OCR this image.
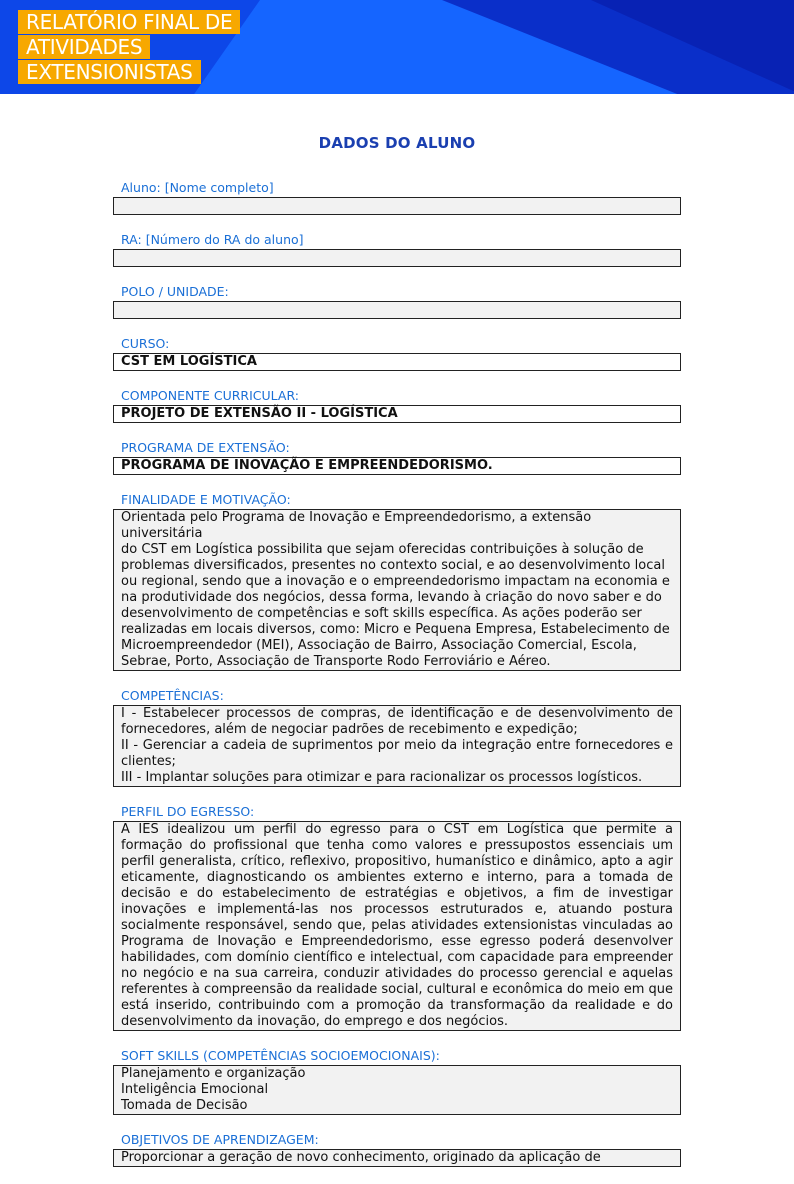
RELATÓRIO FINAL DE
ATIVIDADES
EXTENSIONISTAS
DADOS DO ALUNO
Aluno: [Nome completo]
RA: [Número do RA do aluno]
POLO / UNIDADE:
CURSO:
CST EM LOGÍSTICA
COMPONENTE CURRICULAR:
PROJETO DE EXTENSÃO II - LOGÍSTICA
PROGRAMA DE EXTENSÃO:
PROGRAMA DE INOVAÇÃO E EMPREENDEDORISMO.
FINALIDADE E MOTIVAÇÃO:
Orientada pelo Programa de Inovação e Empreendedorismo, a extensão universitária
do CST em Logística possibilita que sejam oferecidas contribuições à solução de
problemas diversificados, presentes no contexto social, e ao desenvolvimento local
ou regional, sendo que a inovação e o empreendedorismo impactam na economia e
na produtividade dos negócios, dessa forma, levando à criação do novo saber e do
desenvolvimento de competências e soft skills específica. As ações poderão ser
realizadas em locais diversos, como: Micro e Pequena Empresa, Estabelecimento de
Microempreendedor (MEI), Associação de Bairro, Associação Comercial, Escola,
Sebrae, Porto, Associação de Transporte Rodo Ferroviário e Aéreo.
COMPETÊNCIAS:
I - Estabelecer processos de compras, de identificação e de desenvolvimento de fornecedores, além de negociar padrões de recebimento e expedição;
II - Gerenciar a cadeia de suprimentos por meio da integração entre fornecedores e clientes;
III - Implantar soluções para otimizar e para racionalizar os processos logísticos.
PERFIL DO EGRESSO:
A IES idealizou um perfil do egresso para o CST em Logística que permite a formação do profissional que tenha como valores e pressupostos essenciais um perfil generalista, crítico, reflexivo, propositivo, humanístico e dinâmico, apto a agir eticamente, diagnosticando os ambientes externo e interno, para a tomada de decisão e do estabelecimento de estratégias e objetivos, a fim de investigar inovações e implementá-las nos processos estruturados e, atuando postura socialmente responsável, sendo que, pelas atividades extensionistas vinculadas ao Programa de Inovação e Empreendedorismo, esse egresso poderá desenvolver habilidades, com domínio científico e intelectual, com capacidade para empreender no negócio e na sua carreira, conduzir atividades do processo gerencial e aquelas referentes à compreensão da realidade social, cultural e econômica do meio em que está inserido, contribuindo com a promoção da transformação da realidade e do desenvolvimento da inovação, do emprego e dos negócios.
SOFT SKILLS (COMPETÊNCIAS SOCIOEMOCIONAIS):
Planejamento e organização
Inteligência Emocional
Tomada de Decisão
OBJETIVOS DE APRENDIZAGEM:
Proporcionar a geração de novo conhecimento, originado da aplicação de
